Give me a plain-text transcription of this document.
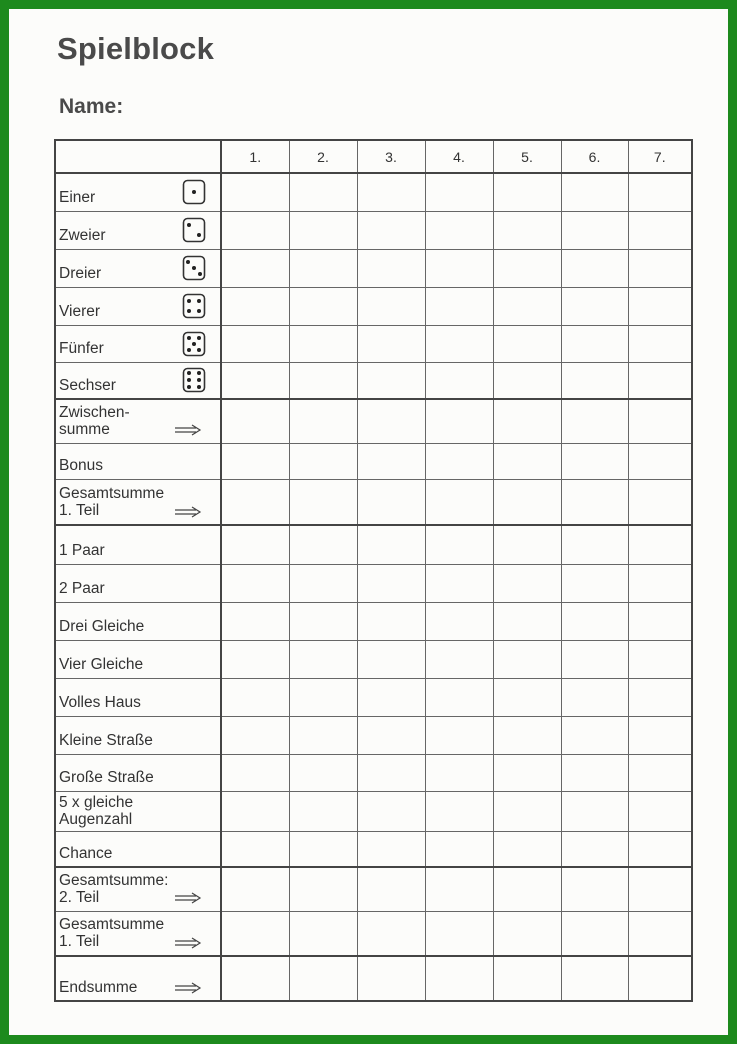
Spielblock
Name:
	1.	2.	3.	4.	5.	6.	7.

Einer							

Zweier							

Dreier							

Vierer							

Fünfer							

Sechser							

Zwischen-
summe							

Bonus							

Gesamtsumme
1. Teil							

1 Paar							

2 Paar							

Drei Gleiche							

Vier Gleiche							

Volles Haus							

Kleine Straße							

Große Straße							

5 x gleiche
Augenzahl							

Chance							

Gesamtsumme:
2. Teil							

Gesamtsumme
1. Teil							

Endsumme							
